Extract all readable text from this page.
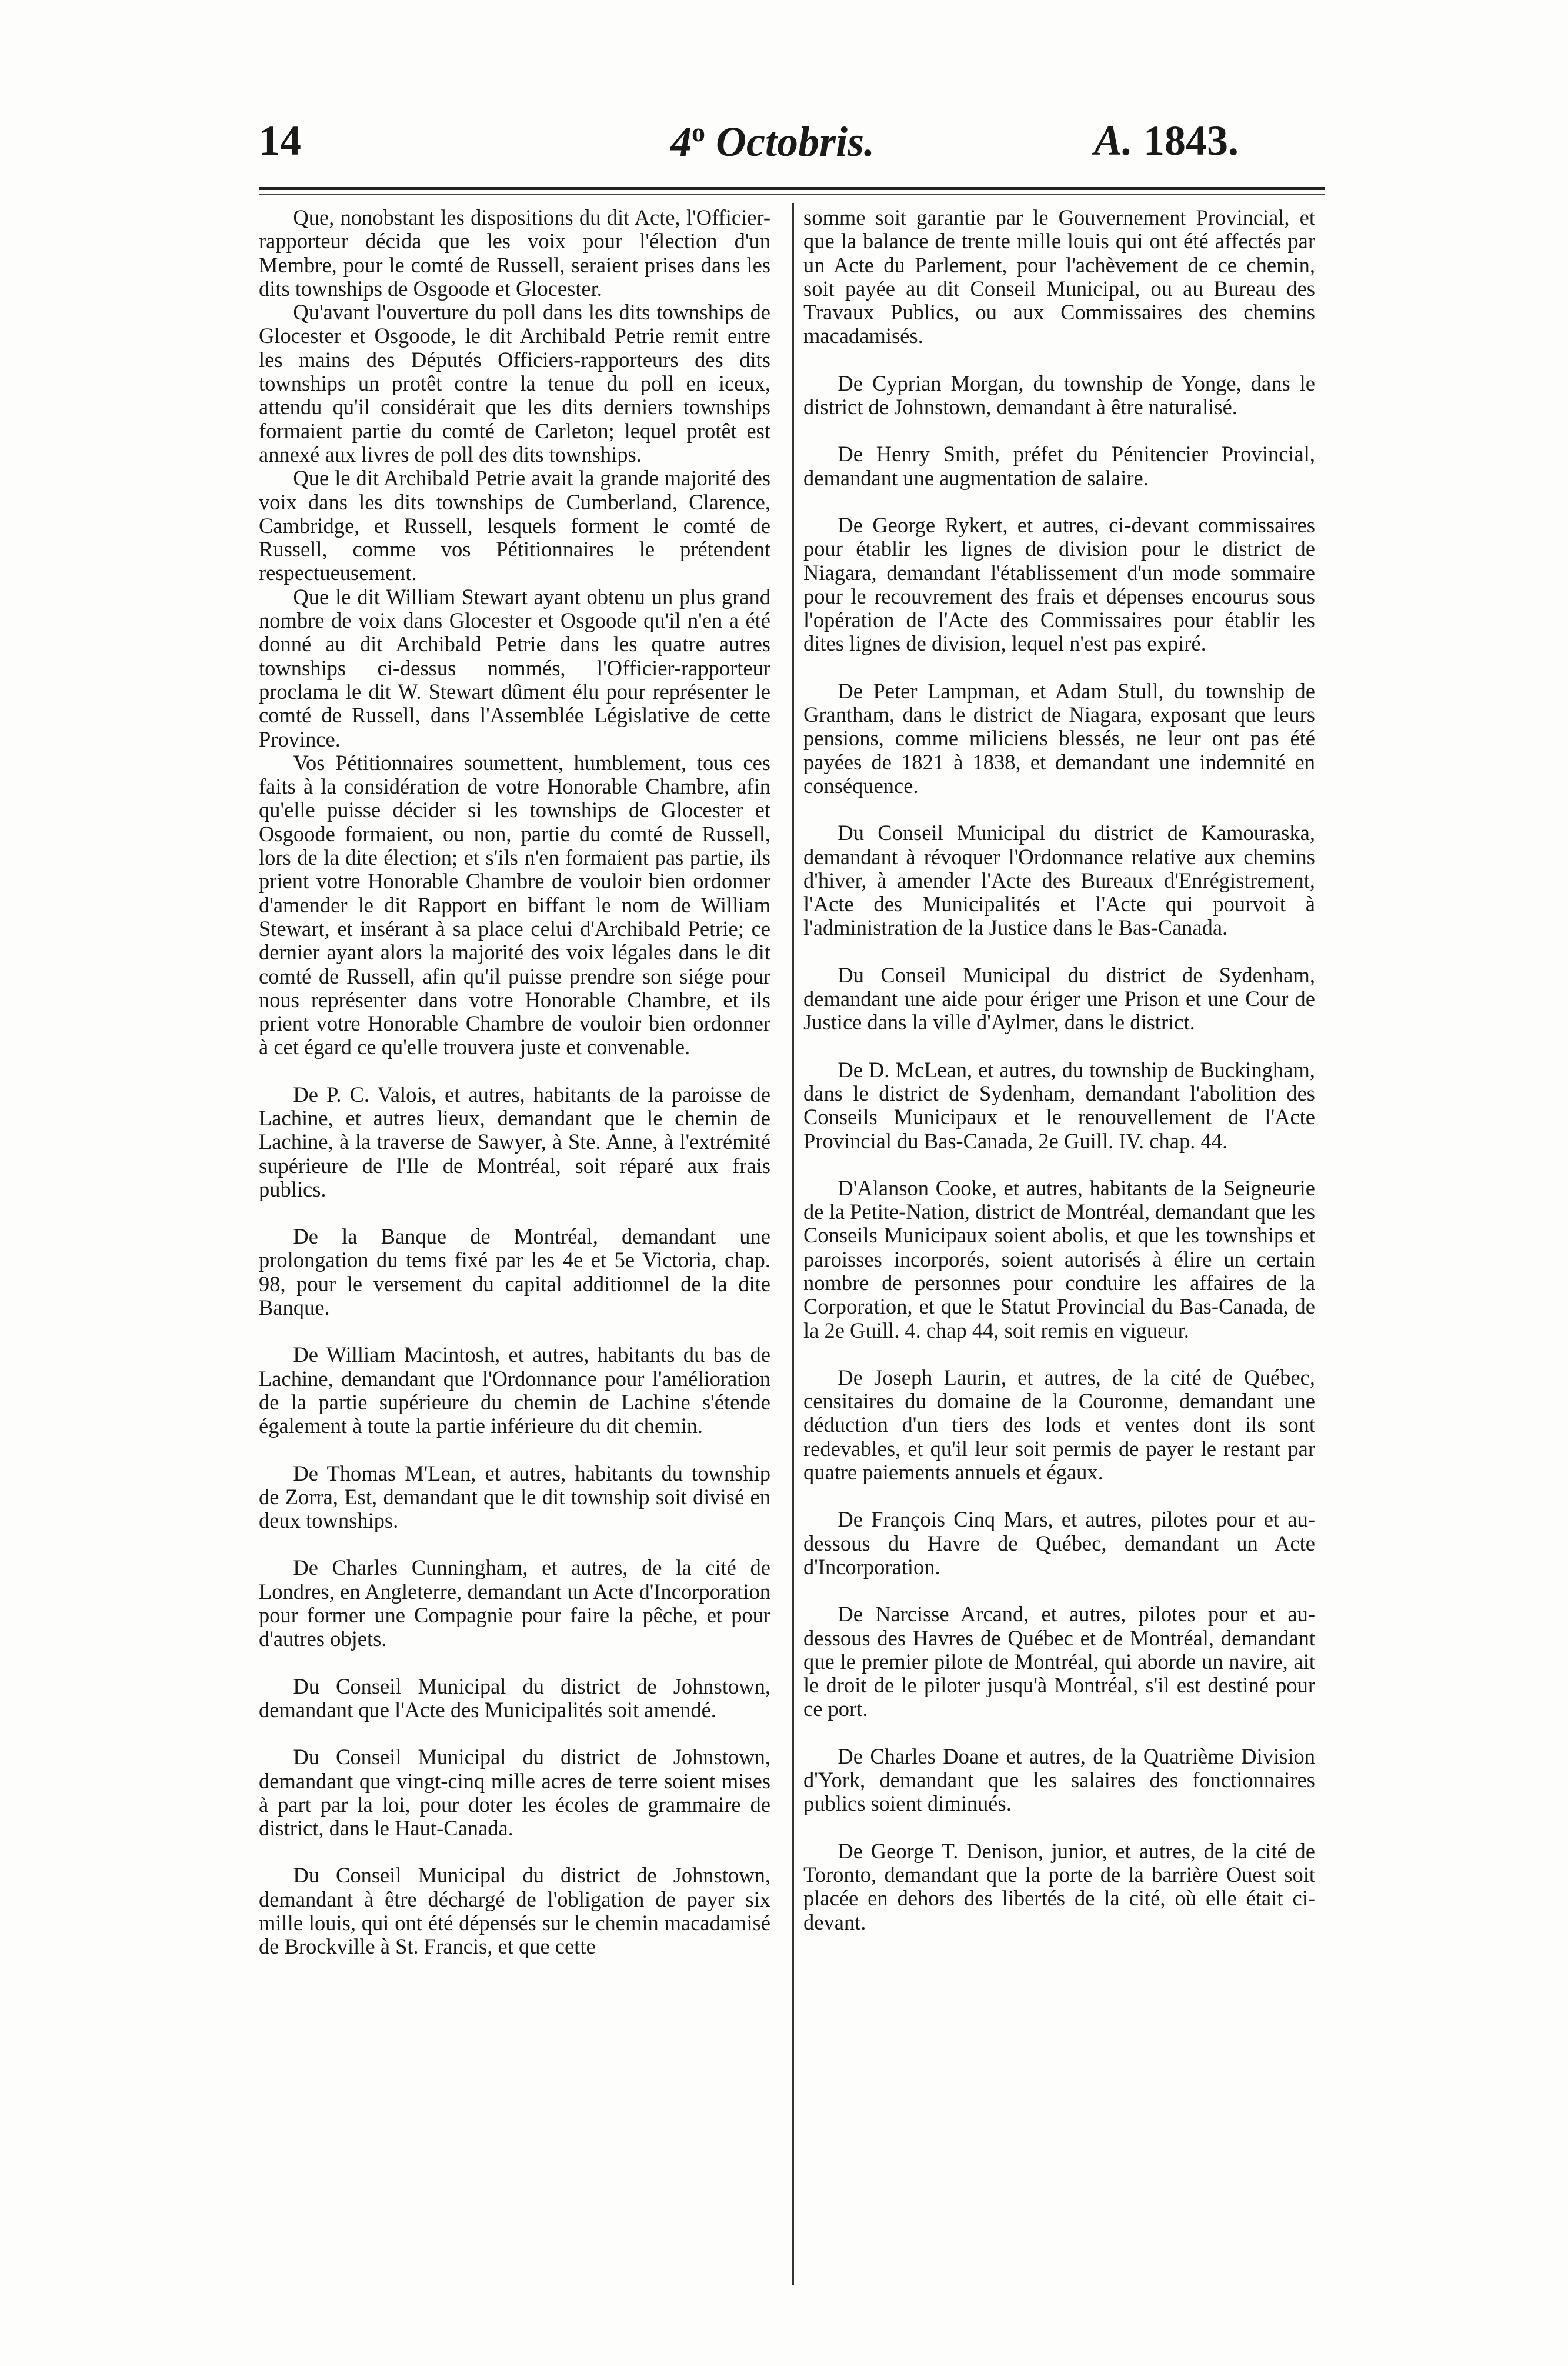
14	4$^o$ Octobris.	A. 1843.

Que, nonobstant les dispositions du dit Acte, l'Officier-rapporteur décida que les voix pour l'élection d'un Membre, pour le comté de Russell, seraient prises dans les dits townships de Osgoode et Glocester.

Qu'avant l'ouverture du poll dans les dits townships de Glocester et Osgoode, le dit Archibald Petrie remit entre les mains des Députés Officiers-rapporteurs des dits townships un protêt contre la tenue du poll en iceux, attendu qu'il considérait que les dits derniers townships formaient partie du comté de Carleton; lequel protêt est annexé aux livres de poll des dits townships.

Que le dit Archibald Petrie avait la grande majorité des voix dans les dits townships de Cumberland, Clarence, Cambridge, et Russell, lesquels forment le comté de Russell, comme vos Pétitionnaires le prétendent respectueusement.

Que le dit William Stewart ayant obtenu un plus grand nombre de voix dans Glocester et Osgoode qu'il n'en a été donné au dit Archibald Petrie dans les quatre autres townships ci-dessus nommés, l'Officier-rapporteur proclama le dit W. Stewart dûment élu pour représenter le comté de Russell, dans l'Assemblée Législative de cette Province.

Vos Pétitionnaires soumettent, humblement, tous ces faits à la considération de votre Honorable Chambre, afin qu'elle puisse décider si les townships de Glocester et Osgoode formaient, ou non, partie du comté de Russell, lors de la dite élection; et s'ils n'en formaient pas partie, ils prient votre Honorable Chambre de vouloir bien ordonner d'amender le dit Rapport en biffant le nom de William Stewart, et insérant à sa place celui d'Archibald Petrie; ce dernier ayant alors la majorité des voix légales dans le dit comté de Russell, afin qu'il puisse prendre son siége pour nous représenter dans votre Honorable Chambre, et ils prient votre Honorable Chambre de vouloir bien ordonner à cet égard ce qu'elle trouvera juste et convenable.

De P. C. Valois, et autres, habitants de la paroisse de Lachine, et autres lieux, demandant que le chemin de Lachine, à la traverse de Sawyer, à Ste. Anne, à l'extrémité supérieure de l'Ile de Montréal, soit réparé aux frais publics.

De la Banque de Montréal, demandant une prolongation du tems fixé par les 4e et 5e Victoria, chap. 98, pour le versement du capital additionnel de la dite Banque.

De William Macintosh, et autres, habitants du bas de Lachine, demandant que l'Ordonnance pour l'amélioration de la partie supérieure du chemin de Lachine s'étende également à toute la partie inférieure du dit chemin.

De Thomas M'Lean, et autres, habitants du township de Zorra, Est, demandant que le dit township soit divisé en deux townships.

De Charles Cunningham, et autres, de la cité de Londres, en Angleterre, demandant un Acte d'Incorporation pour former une Compagnie pour faire la pêche, et pour d'autres objets.

Du Conseil Municipal du district de Johnstown, demandant que l'Acte des Municipalités soit amendé.

Du Conseil Municipal du district de Johnstown, demandant que vingt-cinq mille acres de terre soient mises à part par la loi, pour doter les écoles de grammaire de district, dans le Haut-Canada.

Du Conseil Municipal du district de Johnstown, demandant à être déchargé de l'obligation de payer six mille louis, qui ont été dépensés sur le chemin macadamisé de Brockville à St. Francis, et que cette

somme soit garantie par le Gouvernement Provincial, et que la balance de trente mille louis qui ont été affectés par un Acte du Parlement, pour l'achèvement de ce chemin, soit payée au dit Conseil Municipal, ou au Bureau des Travaux Publics, ou aux Commissaires des chemins macadamisés.

De Cyprian Morgan, du township de Yonge, dans le district de Johnstown, demandant à être naturalisé.

De Henry Smith, préfet du Pénitencier Provincial, demandant une augmentation de salaire.

De George Rykert, et autres, ci-devant commissaires pour établir les lignes de division pour le district de Niagara, demandant l'établissement d'un mode sommaire pour le recouvrement des frais et dépenses encourus sous l'opération de l'Acte des Commissaires pour établir les dites lignes de division, lequel n'est pas expiré.

De Peter Lampman, et Adam Stull, du township de Grantham, dans le district de Niagara, exposant que leurs pensions, comme miliciens blessés, ne leur ont pas été payées de 1821 à 1838, et demandant une indemnité en conséquence.

Du Conseil Municipal du district de Kamouraska, demandant à révoquer l'Ordonnance relative aux chemins d'hiver, à amender l'Acte des Bureaux d'Enrégistrement, l'Acte des Municipalités et l'Acte qui pourvoit à l'administration de la Justice dans le Bas-Canada.

Du Conseil Municipal du district de Sydenham, demandant une aide pour ériger une Prison et une Cour de Justice dans la ville d'Aylmer, dans le district.

De D. McLean, et autres, du township de Buckingham, dans le district de Sydenham, demandant l'abolition des Conseils Municipaux et le renouvellement de l'Acte Provincial du Bas-Canada, 2e Guill. IV. chap. 44.

D'Alanson Cooke, et autres, habitants de la Seigneurie de la Petite-Nation, district de Montréal, demandant que les Conseils Municipaux soient abolis, et que les townships et paroisses incorporés, soient autorisés à élire un certain nombre de personnes pour conduire les affaires de la Corporation, et que le Statut Provincial du Bas-Canada, de la 2e Guill. 4. chap 44, soit remis en vigueur.

De Joseph Laurin, et autres, de la cité de Québec, censitaires du domaine de la Couronne, demandant une déduction d'un tiers des lods et ventes dont ils sont redevables, et qu'il leur soit permis de payer le restant par quatre paiements annuels et égaux.

De François Cinq Mars, et autres, pilotes pour et au-dessous du Havre de Québec, demandant un Acte d'Incorporation.

De Narcisse Arcand, et autres, pilotes pour et au-dessous des Havres de Québec et de Montréal, demandant que le premier pilote de Montréal, qui aborde un navire, ait le droit de le piloter jusqu'à Montréal, s'il est destiné pour ce port.

De Charles Doane et autres, de la Quatrième Division d'York, demandant que les salaires des fonctionnaires publics soient diminués.

De George T. Denison, junior, et autres, de la cité de Toronto, demandant que la porte de la barrière Ouest soit placée en dehors des libertés de la cité, où elle était ci-devant.
